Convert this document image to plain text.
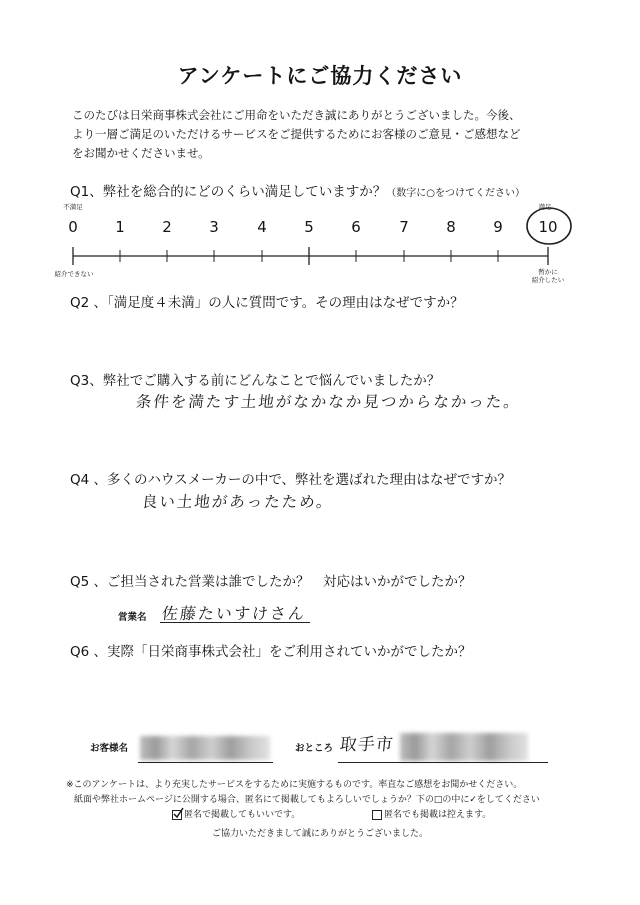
アンケートにご協力ください
このたびは日栄商事株式会社にご用命をいただき誠にありがとうございました。今後、
より一層ご満足のいただけるサービスをご提供するためにお客様のご意見・ご感想など
をお聞かせくださいませ。
Q1、弊社を総合的にどのくらい満足していますか？（数字に○をつけてください）
不満足	満足
0	1	2	3	4	5	6	7	8	9	10
紹介できない	暫かに
紹介したい
Q2 、「満足度４未満」の人に質問です。その理由はなぜですか？
Q3、弊社でご購入する前にどんなことで悩んでいましたか？
条件を満たす土地がなかなか見つからなかった。
Q4 、多くのハウスメーカーの中で、弊社を選ばれた理由はなぜですか？
良い土地があったため。
Q5 、ご担当された営業は誰でしたか？　対応はいかがでしたか？
営業名 佐藤たいすけさん
Q6 、実際「日栄商事株式会社」をご利用されていかがでしたか？
お客様名	おところ 取手市
※このアンケートは、より充実したサービスをするために実施するものです。率直なご感想をお聞かせください。
紙面や弊社ホームページに公開する場合、匿名にて掲載してもよろしいでしょうか？下の□の中に✓をしてください
匿名で掲載してもいいです。	匿名でも掲載は控えます。
ご協力いただきまして誠にありがとうございました。
